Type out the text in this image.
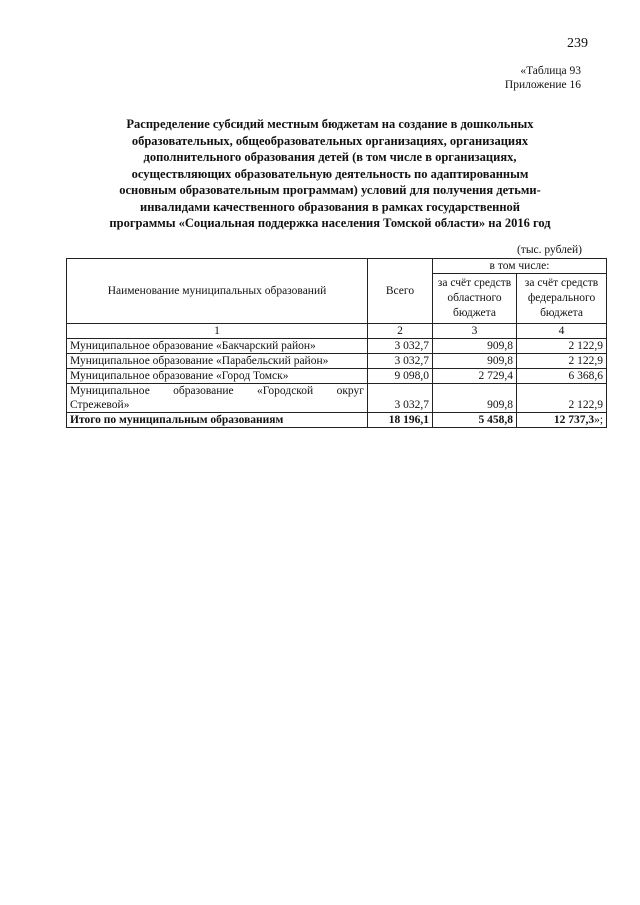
239
«Таблица 93
Приложение 16
Распределение субсидий местным бюджетам на создание в дошкольных
образовательных, общеобразовательных организациях, организациях
дополнительного образования детей (в том числе в организациях,
осуществляющих образовательную деятельность по адаптированным
основным образовательным программам) условий для получения детьми-
инвалидами качественного образования в рамках государственной
программы «Социальная поддержка населения Томской области» на 2016 год
(тыс. рублей)
Наименование муниципальных образований	Всего	в том числе:	
		за счёт средств областного бюджета	за счёт средств федерального бюджета
1	2	3	4
Муниципальное образование «Бакчарский район»	3 032,7	909,8	2 122,9
Муниципальное образование «Парабельский район»	3 032,7	909,8	2 122,9
Муниципальное образование «Город Томск»	9 098,0	2 729,4	6 368,6
Муниципальное образование «Городской округ Стрежевой»	3 032,7	909,8	2 122,9
Итого по муниципальным образованиям	18 196,1	5 458,8	12 737,3»;
